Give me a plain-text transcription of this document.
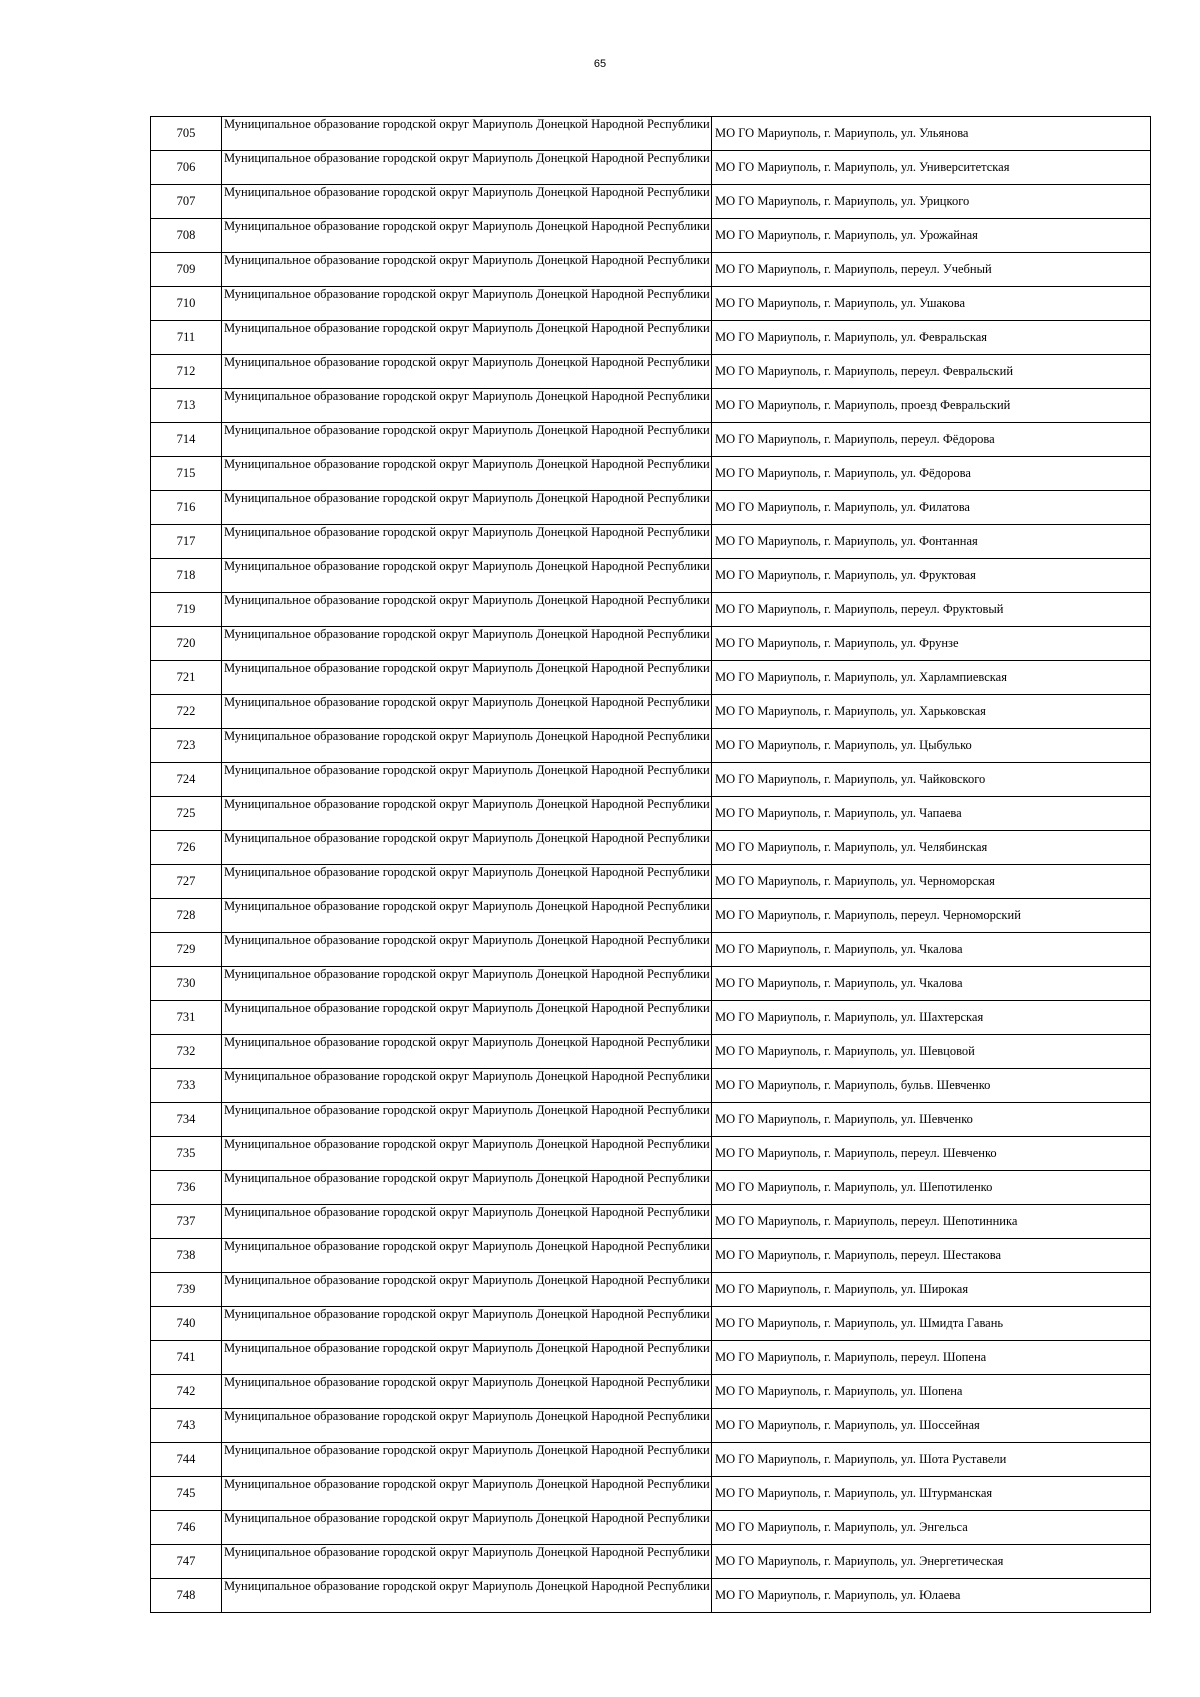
65
705	Муниципальное образование городской округ Мариуполь Донецкой Народной Республики	МО ГО Мариуполь, г. Мариуполь, ул. Ульянова
706	Муниципальное образование городской округ Мариуполь Донецкой Народной Республики	МО ГО Мариуполь, г. Мариуполь, ул. Университетская
707	Муниципальное образование городской округ Мариуполь Донецкой Народной Республики	МО ГО Мариуполь, г. Мариуполь, ул. Урицкого
708	Муниципальное образование городской округ Мариуполь Донецкой Народной Республики	МО ГО Мариуполь, г. Мариуполь, ул. Урожайная
709	Муниципальное образование городской округ Мариуполь Донецкой Народной Республики	МО ГО Мариуполь, г. Мариуполь, переул. Учебный
710	Муниципальное образование городской округ Мариуполь Донецкой Народной Республики	МО ГО Мариуполь, г. Мариуполь, ул. Ушакова
711	Муниципальное образование городской округ Мариуполь Донецкой Народной Республики	МО ГО Мариуполь, г. Мариуполь, ул. Февральская
712	Муниципальное образование городской округ Мариуполь Донецкой Народной Республики	МО ГО Мариуполь, г. Мариуполь, переул. Февральский
713	Муниципальное образование городской округ Мариуполь Донецкой Народной Республики	МО ГО Мариуполь, г. Мариуполь, проезд Февральский
714	Муниципальное образование городской округ Мариуполь Донецкой Народной Республики	МО ГО Мариуполь, г. Мариуполь, переул. Фёдорова
715	Муниципальное образование городской округ Мариуполь Донецкой Народной Республики	МО ГО Мариуполь, г. Мариуполь, ул. Фёдорова
716	Муниципальное образование городской округ Мариуполь Донецкой Народной Республики	МО ГО Мариуполь, г. Мариуполь, ул. Филатова
717	Муниципальное образование городской округ Мариуполь Донецкой Народной Республики	МО ГО Мариуполь, г. Мариуполь, ул. Фонтанная
718	Муниципальное образование городской округ Мариуполь Донецкой Народной Республики	МО ГО Мариуполь, г. Мариуполь, ул. Фруктовая
719	Муниципальное образование городской округ Мариуполь Донецкой Народной Республики	МО ГО Мариуполь, г. Мариуполь, переул. Фруктовый
720	Муниципальное образование городской округ Мариуполь Донецкой Народной Республики	МО ГО Мариуполь, г. Мариуполь, ул. Фрунзе
721	Муниципальное образование городской округ Мариуполь Донецкой Народной Республики	МО ГО Мариуполь, г. Мариуполь, ул. Харлампиевская
722	Муниципальное образование городской округ Мариуполь Донецкой Народной Республики	МО ГО Мариуполь, г. Мариуполь, ул. Харьковская
723	Муниципальное образование городской округ Мариуполь Донецкой Народной Республики	МО ГО Мариуполь, г. Мариуполь, ул. Цыбулько
724	Муниципальное образование городской округ Мариуполь Донецкой Народной Республики	МО ГО Мариуполь, г. Мариуполь, ул. Чайковского
725	Муниципальное образование городской округ Мариуполь Донецкой Народной Республики	МО ГО Мариуполь, г. Мариуполь, ул. Чапаева
726	Муниципальное образование городской округ Мариуполь Донецкой Народной Республики	МО ГО Мариуполь, г. Мариуполь, ул. Челябинская
727	Муниципальное образование городской округ Мариуполь Донецкой Народной Республики	МО ГО Мариуполь, г. Мариуполь, ул. Черноморская
728	Муниципальное образование городской округ Мариуполь Донецкой Народной Республики	МО ГО Мариуполь, г. Мариуполь, переул. Черноморский
729	Муниципальное образование городской округ Мариуполь Донецкой Народной Республики	МО ГО Мариуполь, г. Мариуполь, ул. Чкалова
730	Муниципальное образование городской округ Мариуполь Донецкой Народной Республики	МО ГО Мариуполь, г. Мариуполь, ул. Чкалова
731	Муниципальное образование городской округ Мариуполь Донецкой Народной Республики	МО ГО Мариуполь, г. Мариуполь, ул. Шахтерская
732	Муниципальное образование городской округ Мариуполь Донецкой Народной Республики	МО ГО Мариуполь, г. Мариуполь, ул. Шевцовой
733	Муниципальное образование городской округ Мариуполь Донецкой Народной Республики	МО ГО Мариуполь, г. Мариуполь, бульв. Шевченко
734	Муниципальное образование городской округ Мариуполь Донецкой Народной Республики	МО ГО Мариуполь, г. Мариуполь, ул. Шевченко
735	Муниципальное образование городской округ Мариуполь Донецкой Народной Республики	МО ГО Мариуполь, г. Мариуполь, переул. Шевченко
736	Муниципальное образование городской округ Мариуполь Донецкой Народной Республики	МО ГО Мариуполь, г. Мариуполь, ул. Шепотиленко
737	Муниципальное образование городской округ Мариуполь Донецкой Народной Республики	МО ГО Мариуполь, г. Мариуполь, переул. Шепотинника
738	Муниципальное образование городской округ Мариуполь Донецкой Народной Республики	МО ГО Мариуполь, г. Мариуполь, переул. Шестакова
739	Муниципальное образование городской округ Мариуполь Донецкой Народной Республики	МО ГО Мариуполь, г. Мариуполь, ул. Широкая
740	Муниципальное образование городской округ Мариуполь Донецкой Народной Республики	МО ГО Мариуполь, г. Мариуполь, ул. Шмидта Гавань
741	Муниципальное образование городской округ Мариуполь Донецкой Народной Республики	МО ГО Мариуполь, г. Мариуполь, переул. Шопена
742	Муниципальное образование городской округ Мариуполь Донецкой Народной Республики	МО ГО Мариуполь, г. Мариуполь, ул. Шопена
743	Муниципальное образование городской округ Мариуполь Донецкой Народной Республики	МО ГО Мариуполь, г. Мариуполь, ул. Шоссейная
744	Муниципальное образование городской округ Мариуполь Донецкой Народной Республики	МО ГО Мариуполь, г. Мариуполь, ул. Шота Руставели
745	Муниципальное образование городской округ Мариуполь Донецкой Народной Республики	МО ГО Мариуполь, г. Мариуполь, ул. Штурманская
746	Муниципальное образование городской округ Мариуполь Донецкой Народной Республики	МО ГО Мариуполь, г. Мариуполь, ул. Энгельса
747	Муниципальное образование городской округ Мариуполь Донецкой Народной Республики	МО ГО Мариуполь, г. Мариуполь, ул. Энергетическая
748	Муниципальное образование городской округ Мариуполь Донецкой Народной Республики	МО ГО Мариуполь, г. Мариуполь, ул. Юлаева
